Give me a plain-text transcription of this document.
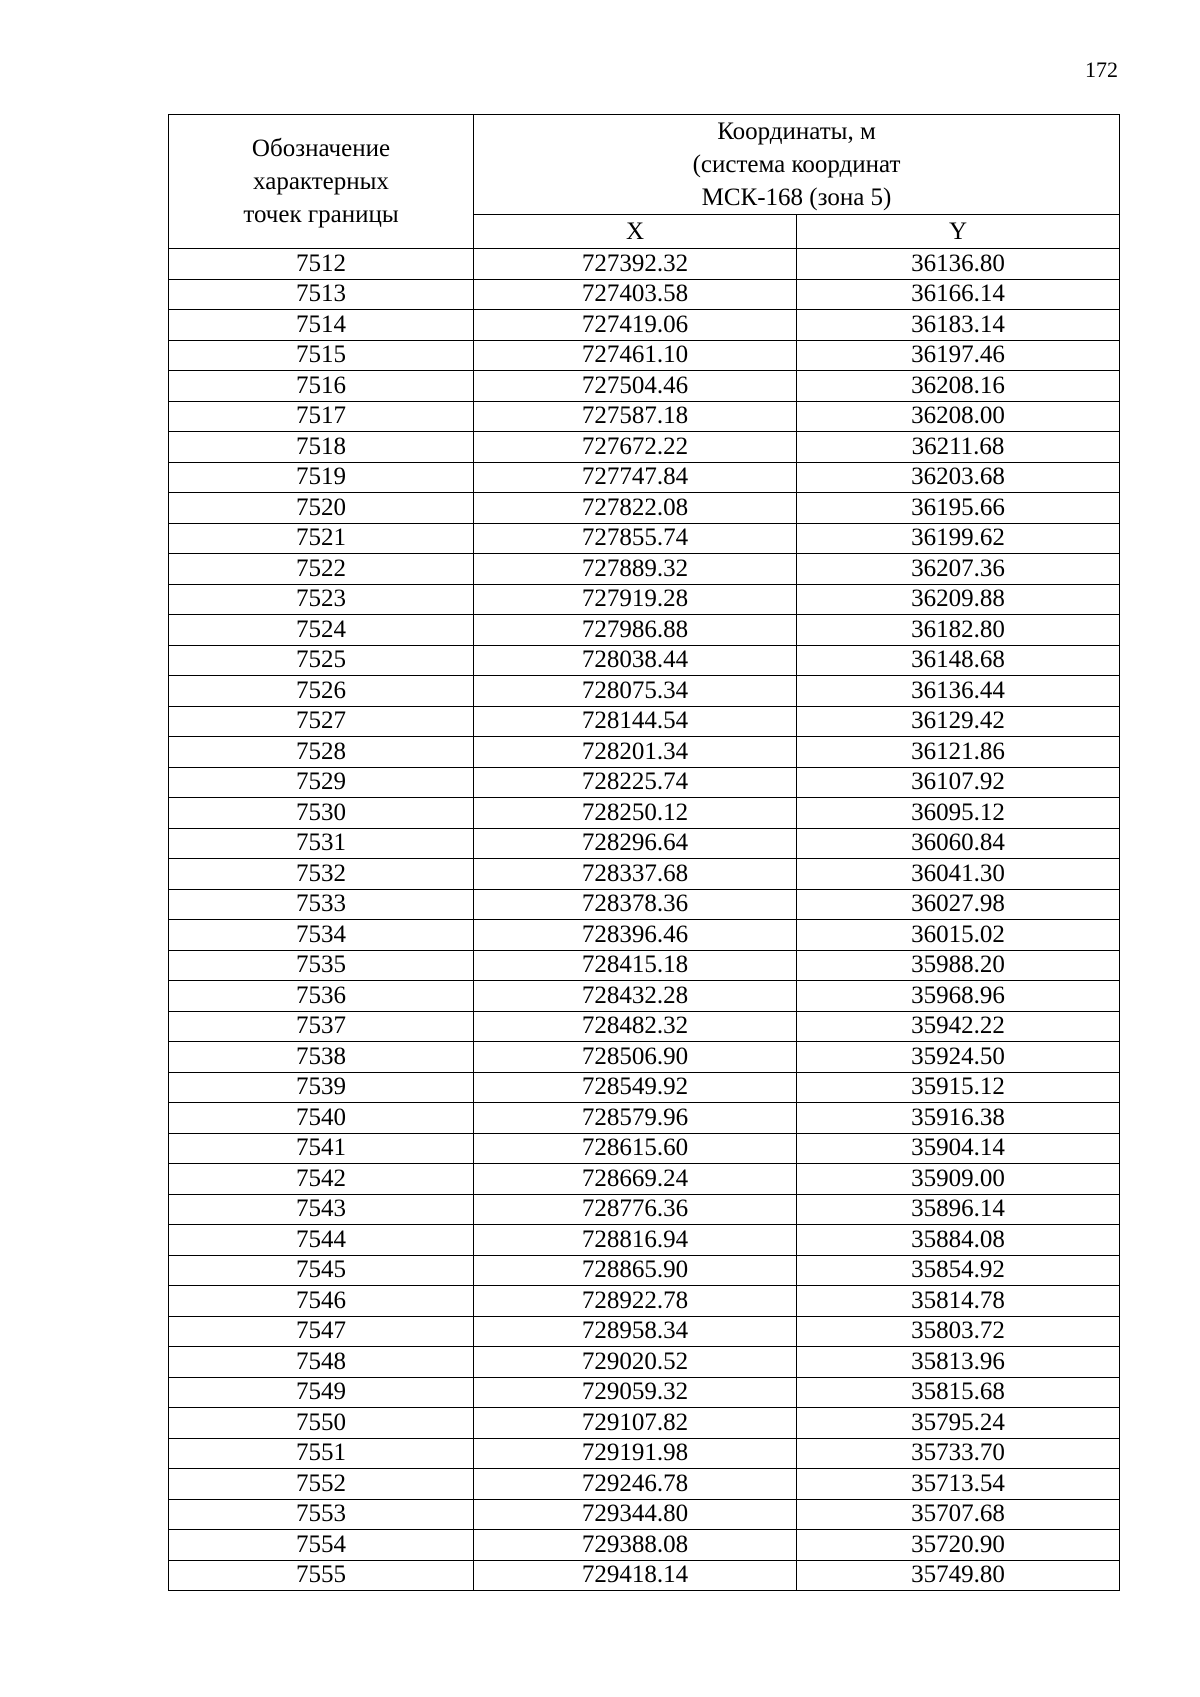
172
Обозначение
характерных
точек границы	Координаты, м
(система координат
МСК-168 (зона 5)	

	X	Y
7512	727392.32	36136.80
7513	727403.58	36166.14
7514	727419.06	36183.14
7515	727461.10	36197.46
7516	727504.46	36208.16
7517	727587.18	36208.00
7518	727672.22	36211.68
7519	727747.84	36203.68
7520	727822.08	36195.66
7521	727855.74	36199.62
7522	727889.32	36207.36
7523	727919.28	36209.88
7524	727986.88	36182.80
7525	728038.44	36148.68
7526	728075.34	36136.44
7527	728144.54	36129.42
7528	728201.34	36121.86
7529	728225.74	36107.92
7530	728250.12	36095.12
7531	728296.64	36060.84
7532	728337.68	36041.30
7533	728378.36	36027.98
7534	728396.46	36015.02
7535	728415.18	35988.20
7536	728432.28	35968.96
7537	728482.32	35942.22
7538	728506.90	35924.50
7539	728549.92	35915.12
7540	728579.96	35916.38
7541	728615.60	35904.14
7542	728669.24	35909.00
7543	728776.36	35896.14
7544	728816.94	35884.08
7545	728865.90	35854.92
7546	728922.78	35814.78
7547	728958.34	35803.72
7548	729020.52	35813.96
7549	729059.32	35815.68
7550	729107.82	35795.24
7551	729191.98	35733.70
7552	729246.78	35713.54
7553	729344.80	35707.68
7554	729388.08	35720.90
7555	729418.14	35749.80
